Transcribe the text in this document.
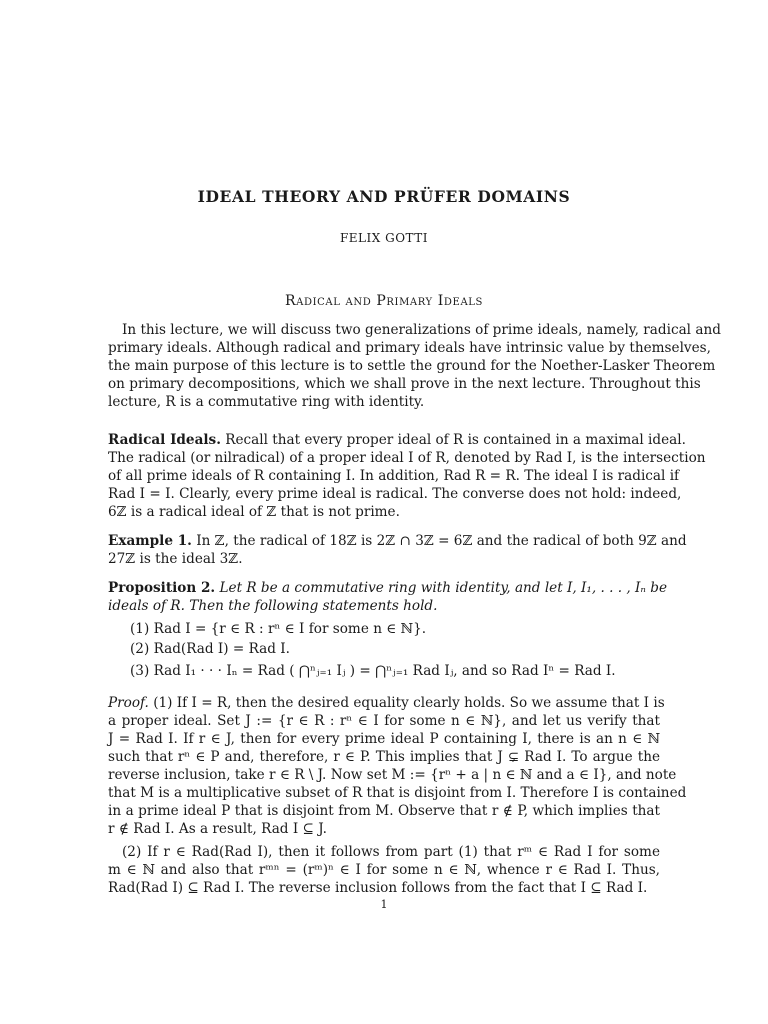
IDEAL THEORY AND PRÜFER DOMAINS
FELIX GOTTI
Radical and Primary Ideals
In this lecture, we will discuss two generalizations of prime ideals, namely, radical and
primary ideals. Although radical and primary ideals have intrinsic value by themselves,
the main purpose of this lecture is to settle the ground for the Noether-Lasker Theorem
on primary decompositions, which we shall prove in the next lecture. Throughout this
lecture, R is a commutative ring with identity.
Radical Ideals. Recall that every proper ideal of R is contained in a maximal ideal.
The radical (or nilradical) of a proper ideal I of R, denoted by Rad I, is the intersection
of all prime ideals of R containing I. In addition, Rad R = R. The ideal I is radical if
Rad I = I. Clearly, every prime ideal is radical. The converse does not hold: indeed,
6ℤ is a radical ideal of ℤ that is not prime.
Example 1. In ℤ, the radical of 18ℤ is 2ℤ ∩ 3ℤ = 6ℤ and the radical of both 9ℤ and
27ℤ is the ideal 3ℤ.
Proposition 2. Let R be a commutative ring with identity, and let I, I₁, . . . , Iₙ be
ideals of R. Then the following statements hold.
(1) Rad I = {r ∈ R : rⁿ ∈ I for some n ∈ ℕ}.
(2) Rad(Rad I) = Rad I.
(3) Rad I₁ · · · Iₙ = Rad ( ⋂ⁿⱼ₌₁ Iⱼ ) = ⋂ⁿⱼ₌₁ Rad Iⱼ, and so Rad Iⁿ = Rad I.
Proof. (1) If I = R, then the desired equality clearly holds. So we assume that I is
a proper ideal. Set J := {r ∈ R : rⁿ ∈ I for some n ∈ ℕ}, and let us verify that
J = Rad I. If r ∈ J, then for every prime ideal P containing I, there is an n ∈ ℕ
such that rⁿ ∈ P and, therefore, r ∈ P. This implies that J ⊊ Rad I. To argue the
reverse inclusion, take r ∈ R \ J. Now set M := {rⁿ + a | n ∈ ℕ and a ∈ I}, and note
that M is a multiplicative subset of R that is disjoint from I. Therefore I is contained
in a prime ideal P that is disjoint from M. Observe that r ∉ P, which implies that
r ∉ Rad I. As a result, Rad I ⊆ J.
(2) If r ∈ Rad(Rad I), then it follows from part (1) that rᵐ ∈ Rad I for some
m ∈ ℕ and also that rᵐⁿ = (rᵐ)ⁿ ∈ I for some n ∈ ℕ, whence r ∈ Rad I. Thus,
Rad(Rad I) ⊆ Rad I. The reverse inclusion follows from the fact that I ⊆ Rad I.
1
